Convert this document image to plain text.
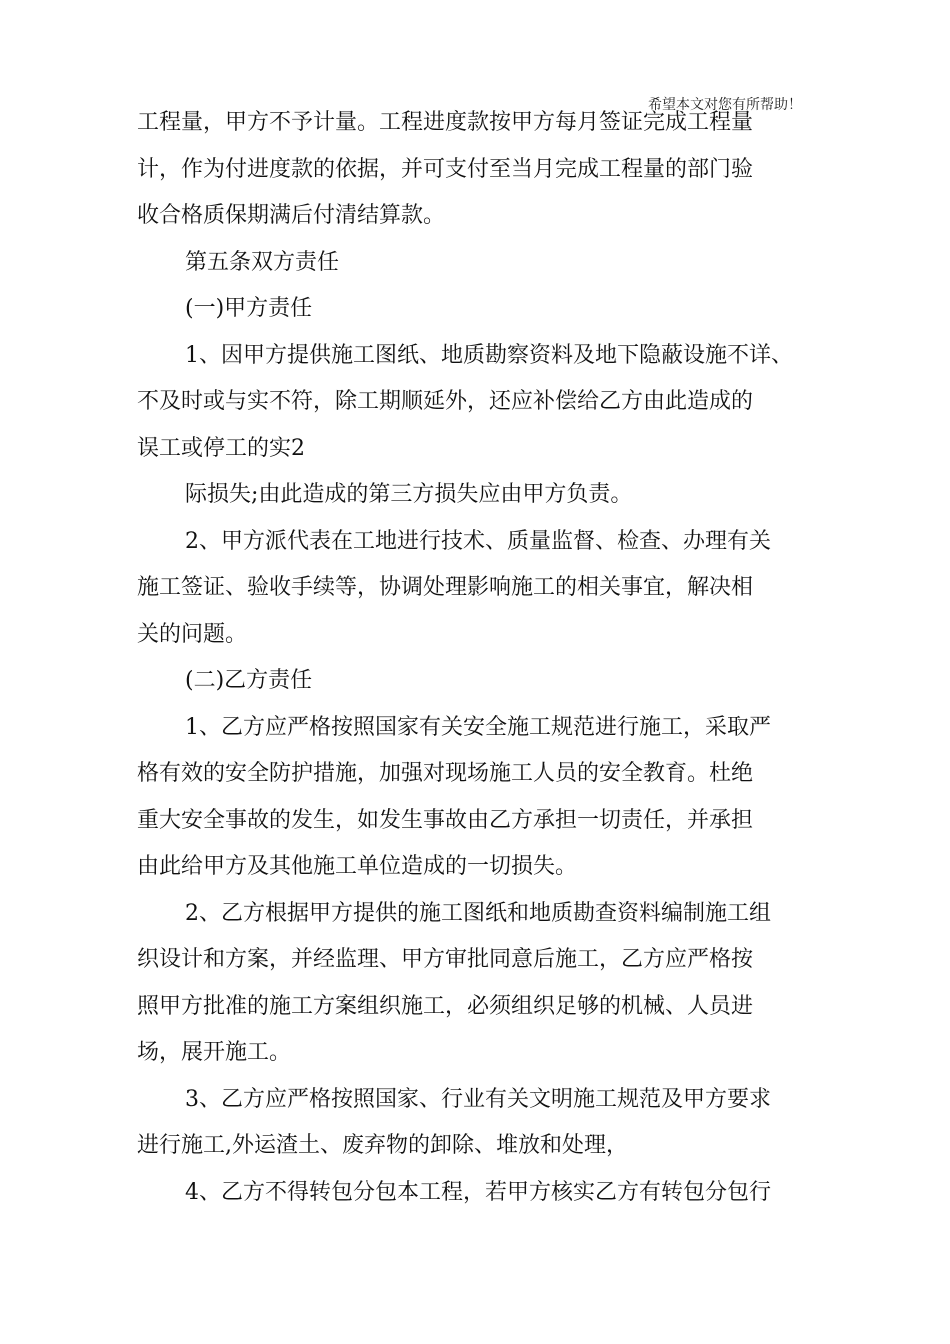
希望本文对您有所帮助！
工程量，甲方不予计量。工程进度款按甲方每月签证完成工程量
计，作为付进度款的依据，并可支付至当月完成工程量的部门验
收合格质保期满后付清结算款。
第五条双方责任
(一)甲方责任
1、因甲方提供施工图纸、地质勘察资料及地下隐蔽设施不详、
不及时或与实不符，除工期顺延外，还应补偿给乙方由此造成的
误工或停工的实2
际损失;由此造成的第三方损失应由甲方负责。
2、甲方派代表在工地进行技术、质量监督、检查、办理有关
施工签证、验收手续等，协调处理影响施工的相关事宜，解决相
关的问题。
(二)乙方责任
1、乙方应严格按照国家有关安全施工规范进行施工，采取严
格有效的安全防护措施，加强对现场施工人员的安全教育。杜绝
重大安全事故的发生，如发生事故由乙方承担一切责任，并承担
由此给甲方及其他施工单位造成的一切损失。
2、乙方根据甲方提供的施工图纸和地质勘查资料编制施工组
织设计和方案，并经监理、甲方审批同意后施工，乙方应严格按
照甲方批准的施工方案组织施工，必须组织足够的机械、人员进
场，展开施工。
3、乙方应严格按照国家、行业有关文明施工规范及甲方要求
进行施工,外运渣土、废弃物的卸除、堆放和处理，
4、乙方不得转包分包本工程，若甲方核实乙方有转包分包行
